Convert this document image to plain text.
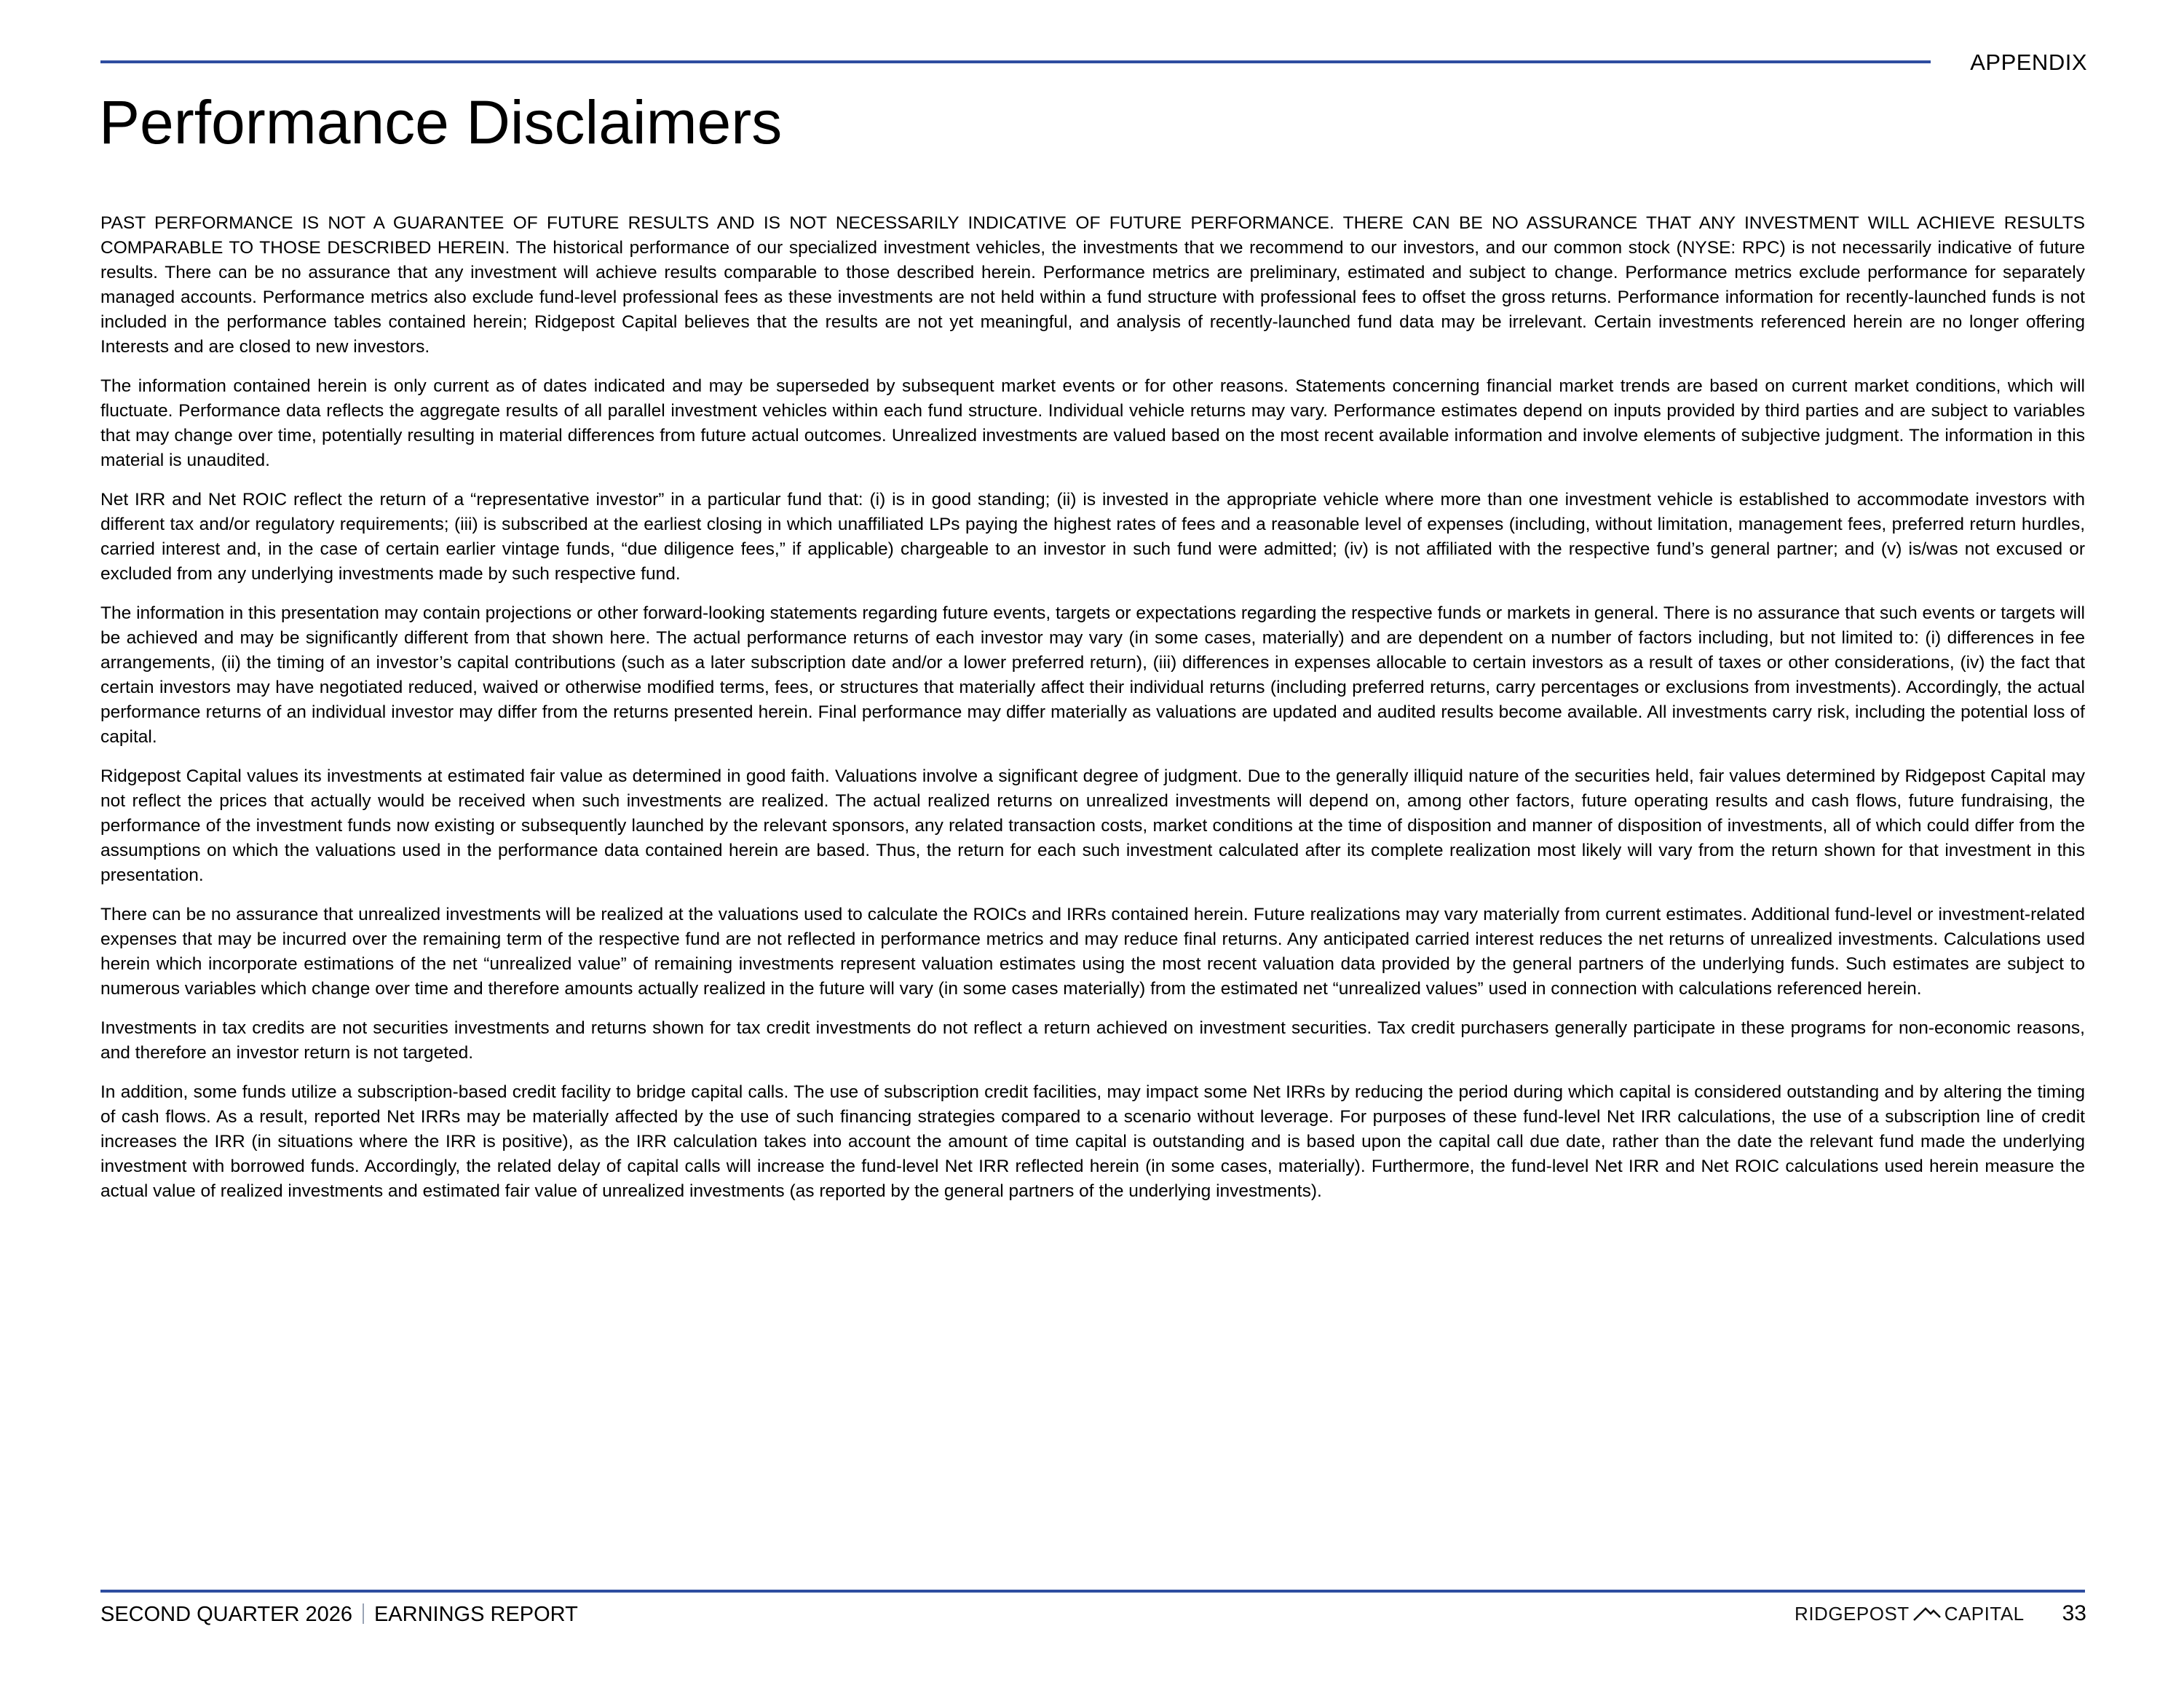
APPENDIX
Performance Disclaimers

PAST PERFORMANCE IS NOT A GUARANTEE OF FUTURE RESULTS AND IS NOT NECESSARILY INDICATIVE OF FUTURE PERFORMANCE. THERE CAN BE NO ASSURANCE THAT ANY INVESTMENT WILL ACHIEVE RESULTS COMPARABLE TO THOSE DESCRIBED HEREIN. The historical performance of our specialized investment vehicles, the investments that we recommend to our investors, and our common stock (NYSE: RPC) is not necessarily indicative of future results. There can be no assurance that any investment will achieve results comparable to those described herein. Performance metrics are preliminary, estimated and subject to change. Performance metrics exclude performance for separately managed accounts. Performance metrics also exclude fund-level professional fees as these investments are not held within a fund structure with professional fees to offset the gross returns. Performance information for recently-launched funds is not included in the performance tables contained herein; Ridgepost Capital believes that the results are not yet meaningful, and analysis of recently-launched fund data may be irrelevant. Certain investments referenced herein are no longer offering Interests and are closed to new investors.

The information contained herein is only current as of dates indicated and may be superseded by subsequent market events or for other reasons. Statements concerning financial market trends are based on current market conditions, which will fluctuate. Performance data reflects the aggregate results of all parallel investment vehicles within each fund structure. Individual vehicle returns may vary. Performance estimates depend on inputs provided by third parties and are subject to variables that may change over time, potentially resulting in material differences from future actual outcomes. Unrealized investments are valued based on the most recent available information and involve elements of subjective judgment. The information in this material is unaudited.

Net IRR and Net ROIC reflect the return of a “representative investor” in a particular fund that: (i) is in good standing; (ii) is invested in the appropriate vehicle where more than one investment vehicle is established to accommodate investors with different tax and/or regulatory requirements; (iii) is subscribed at the earliest closing in which unaffiliated LPs paying the highest rates of fees and a reasonable level of expenses (including, without limitation, management fees, preferred return hurdles, carried interest and, in the case of certain earlier vintage funds, “due diligence fees,” if applicable) chargeable to an investor in such fund were admitted; (iv) is not affiliated with the respective fund’s general partner; and (v) is/was not excused or excluded from any underlying investments made by such respective fund.

The information in this presentation may contain projections or other forward-looking statements regarding future events, targets or expectations regarding the respective funds or markets in general. There is no assurance that such events or targets will be achieved and may be significantly different from that shown here. The actual performance returns of each investor may vary (in some cases, materially) and are dependent on a number of factors including, but not limited to: (i) differences in fee arrangements, (ii) the timing of an investor’s capital contributions (such as a later subscription date and/or a lower preferred return), (iii) differences in expenses allocable to certain investors as a result of taxes or other considerations, (iv) the fact that certain investors may have negotiated reduced, waived or otherwise modified terms, fees, or structures that materially affect their individual returns (including preferred returns, carry percentages or exclusions from investments). Accordingly, the actual performance returns of an individual investor may differ from the returns presented herein. Final performance may differ materially as valuations are updated and audited results become available. All investments carry risk, including the potential loss of capital.

Ridgepost Capital values its investments at estimated fair value as determined in good faith. Valuations involve a significant degree of judgment. Due to the generally illiquid nature of the securities held, fair values determined by Ridgepost Capital may not reflect the prices that actually would be received when such investments are realized. The actual realized returns on unrealized investments will depend on, among other factors, future operating results and cash flows, future fundraising, the performance of the investment funds now existing or subsequently launched by the relevant sponsors, any related transaction costs, market conditions at the time of disposition and manner of disposition of investments, all of which could differ from the assumptions on which the valuations used in the performance data contained herein are based. Thus, the return for each such investment calculated after its complete realization most likely will vary from the return shown for that investment in this presentation.

There can be no assurance that unrealized investments will be realized at the valuations used to calculate the ROICs and IRRs contained herein. Future realizations may vary materially from current estimates. Additional fund-level or investment-related expenses that may be incurred over the remaining term of the respective fund are not reflected in performance metrics and may reduce final returns. Any anticipated carried interest reduces the net returns of unrealized investments. Calculations used herein which incorporate estimations of the net “unrealized value” of remaining investments represent valuation estimates using the most recent valuation data provided by the general partners of the underlying funds. Such estimates are subject to numerous variables which change over time and therefore amounts actually realized in the future will vary (in some cases materially) from the estimated net “unrealized values” used in connection with calculations referenced herein.

Investments in tax credits are not securities investments and returns shown for tax credit investments do not reflect a return achieved on investment securities. Tax credit purchasers generally participate in these programs for non-economic reasons, and therefore an investor return is not targeted.

In addition, some funds utilize a subscription-based credit facility to bridge capital calls. The use of subscription credit facilities, may impact some Net IRRs by reducing the period during which capital is considered outstanding and by altering the timing of cash flows. As a result, reported Net IRRs may be materially affected by the use of such financing strategies compared to a scenario without leverage. For purposes of these fund-level Net IRR calculations, the use of a subscription line of credit increases the IRR (in situations where the IRR is positive), as the IRR calculation takes into account the amount of time capital is outstanding and is based upon the capital call due date, rather than the date the relevant fund made the underlying investment with borrowed funds. Accordingly, the related delay of capital calls will increase the fund-level Net IRR reflected herein (in some cases, materially). Furthermore, the fund-level Net IRR and Net ROIC calculations used herein measure the actual value of realized investments and estimated fair value of unrealized investments (as reported by the general partners of the underlying investments).

SECOND QUARTER 2026 EARNINGS REPORT	RIDGEPOST CAPITAL 33
